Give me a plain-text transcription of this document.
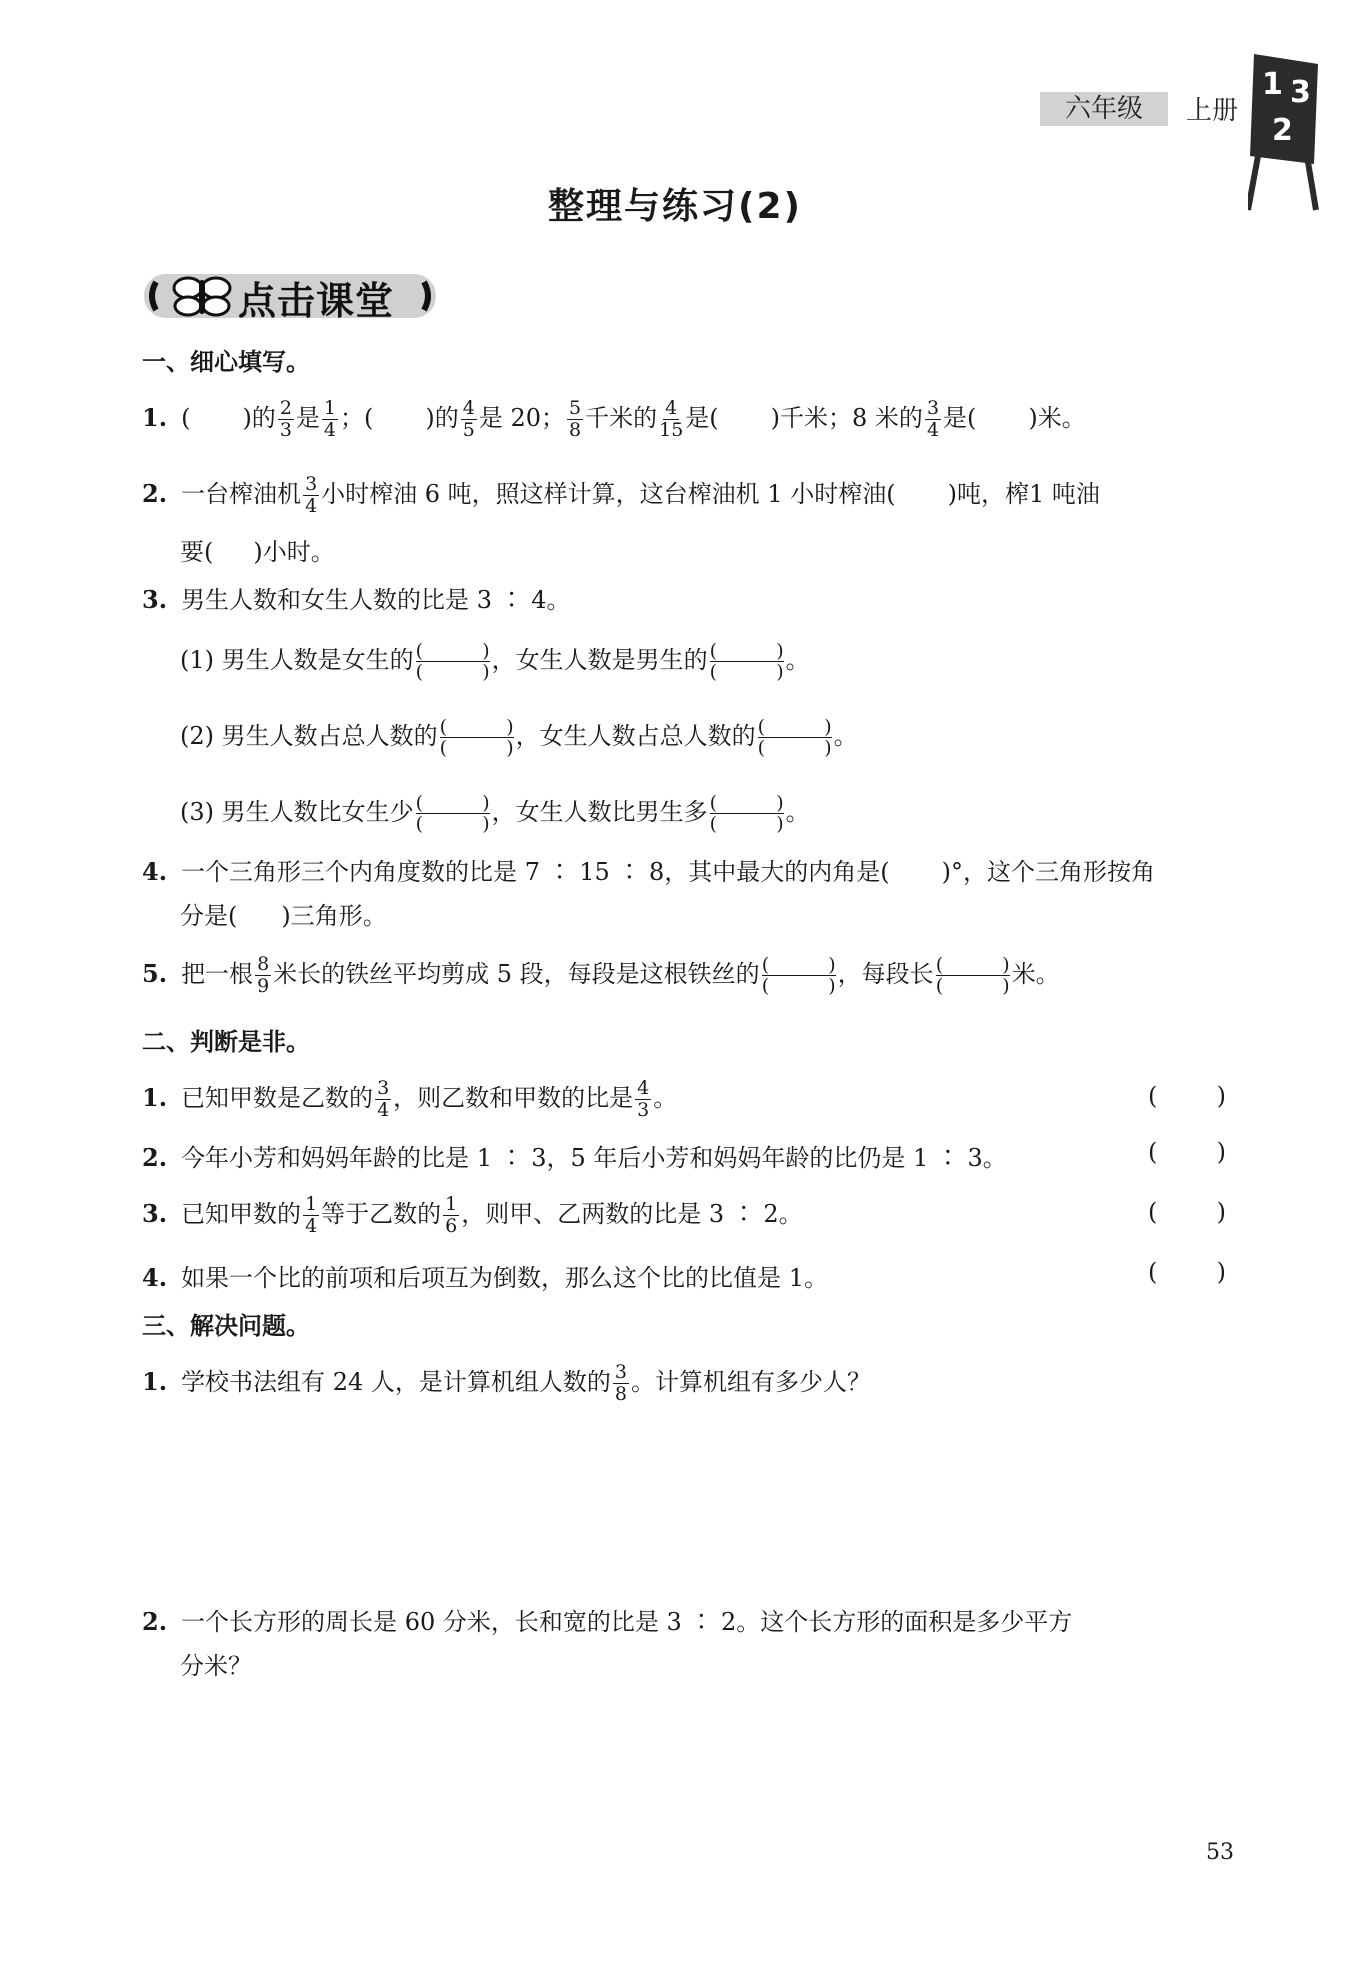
六年级	上册
1 3
2
整理与练习(2)
点击课堂
一、细心填写。
1. ( )的 $\frac{2}{3}$ 是 $\frac{1}{4}$ ；( )的 $\frac{4}{5}$ 是 20； $\frac{5}{8}$ 千米的 $\frac{4}{15}$ 是( )千米；8 米的 $\frac{3}{4}$ 是( )米。
2. 一台榨油机 $\frac{3}{4}$ 小时榨油 6 吨，照这样计算，这台榨油机 1 小时榨油( )吨，榨1 吨油
要( )小时。
3. 男生人数和女生人数的比是 3 ∶ 4。
(1) 男生人数是女生的 (	)
(	) ，女生人数是男生的 (	)
(	) 。
(2) 男生人数占总人数的 (	)
(	) ，女生人数占总人数的 (	)
(	) 。
(3) 男生人数比女生少 (	)
(	) ，女生人数比男生多 (	)
(	) 。
4. 一个三角形三个内角度数的比是 7 ∶ 15 ∶ 8，其中最大的内角是( )°，这个三角形按角
分是( )三角形。
5. 把一根 $\frac{8}{9}$ 米长的铁丝平均剪成 5 段，每段是这根铁丝的 (	)
(	) ，每段长 (	)
(	) 米。
二、判断是非。
1. 已知甲数是乙数的 $\frac{3}{4}$ ，则乙数和甲数的比是 $\frac{4}{3}$ 。	( )
2. 今年小芳和妈妈年龄的比是 1 ∶ 3，5 年后小芳和妈妈年龄的比仍是 1 ∶ 3。	( )
3. 已知甲数的 $\frac{1}{4}$ 等于乙数的 $\frac{1}{6}$ ，则甲、乙两数的比是 3 ∶ 2。	( )
4. 如果一个比的前项和后项互为倒数，那么这个比的比值是 1。	( )
三、解决问题。
1. 学校书法组有 24 人，是计算机组人数的 $\frac{3}{8}$ 。计算机组有多少人？
2. 一个长方形的周长是 60 分米，长和宽的比是 3 ∶ 2。这个长方形的面积是多少平方
分米？
53
